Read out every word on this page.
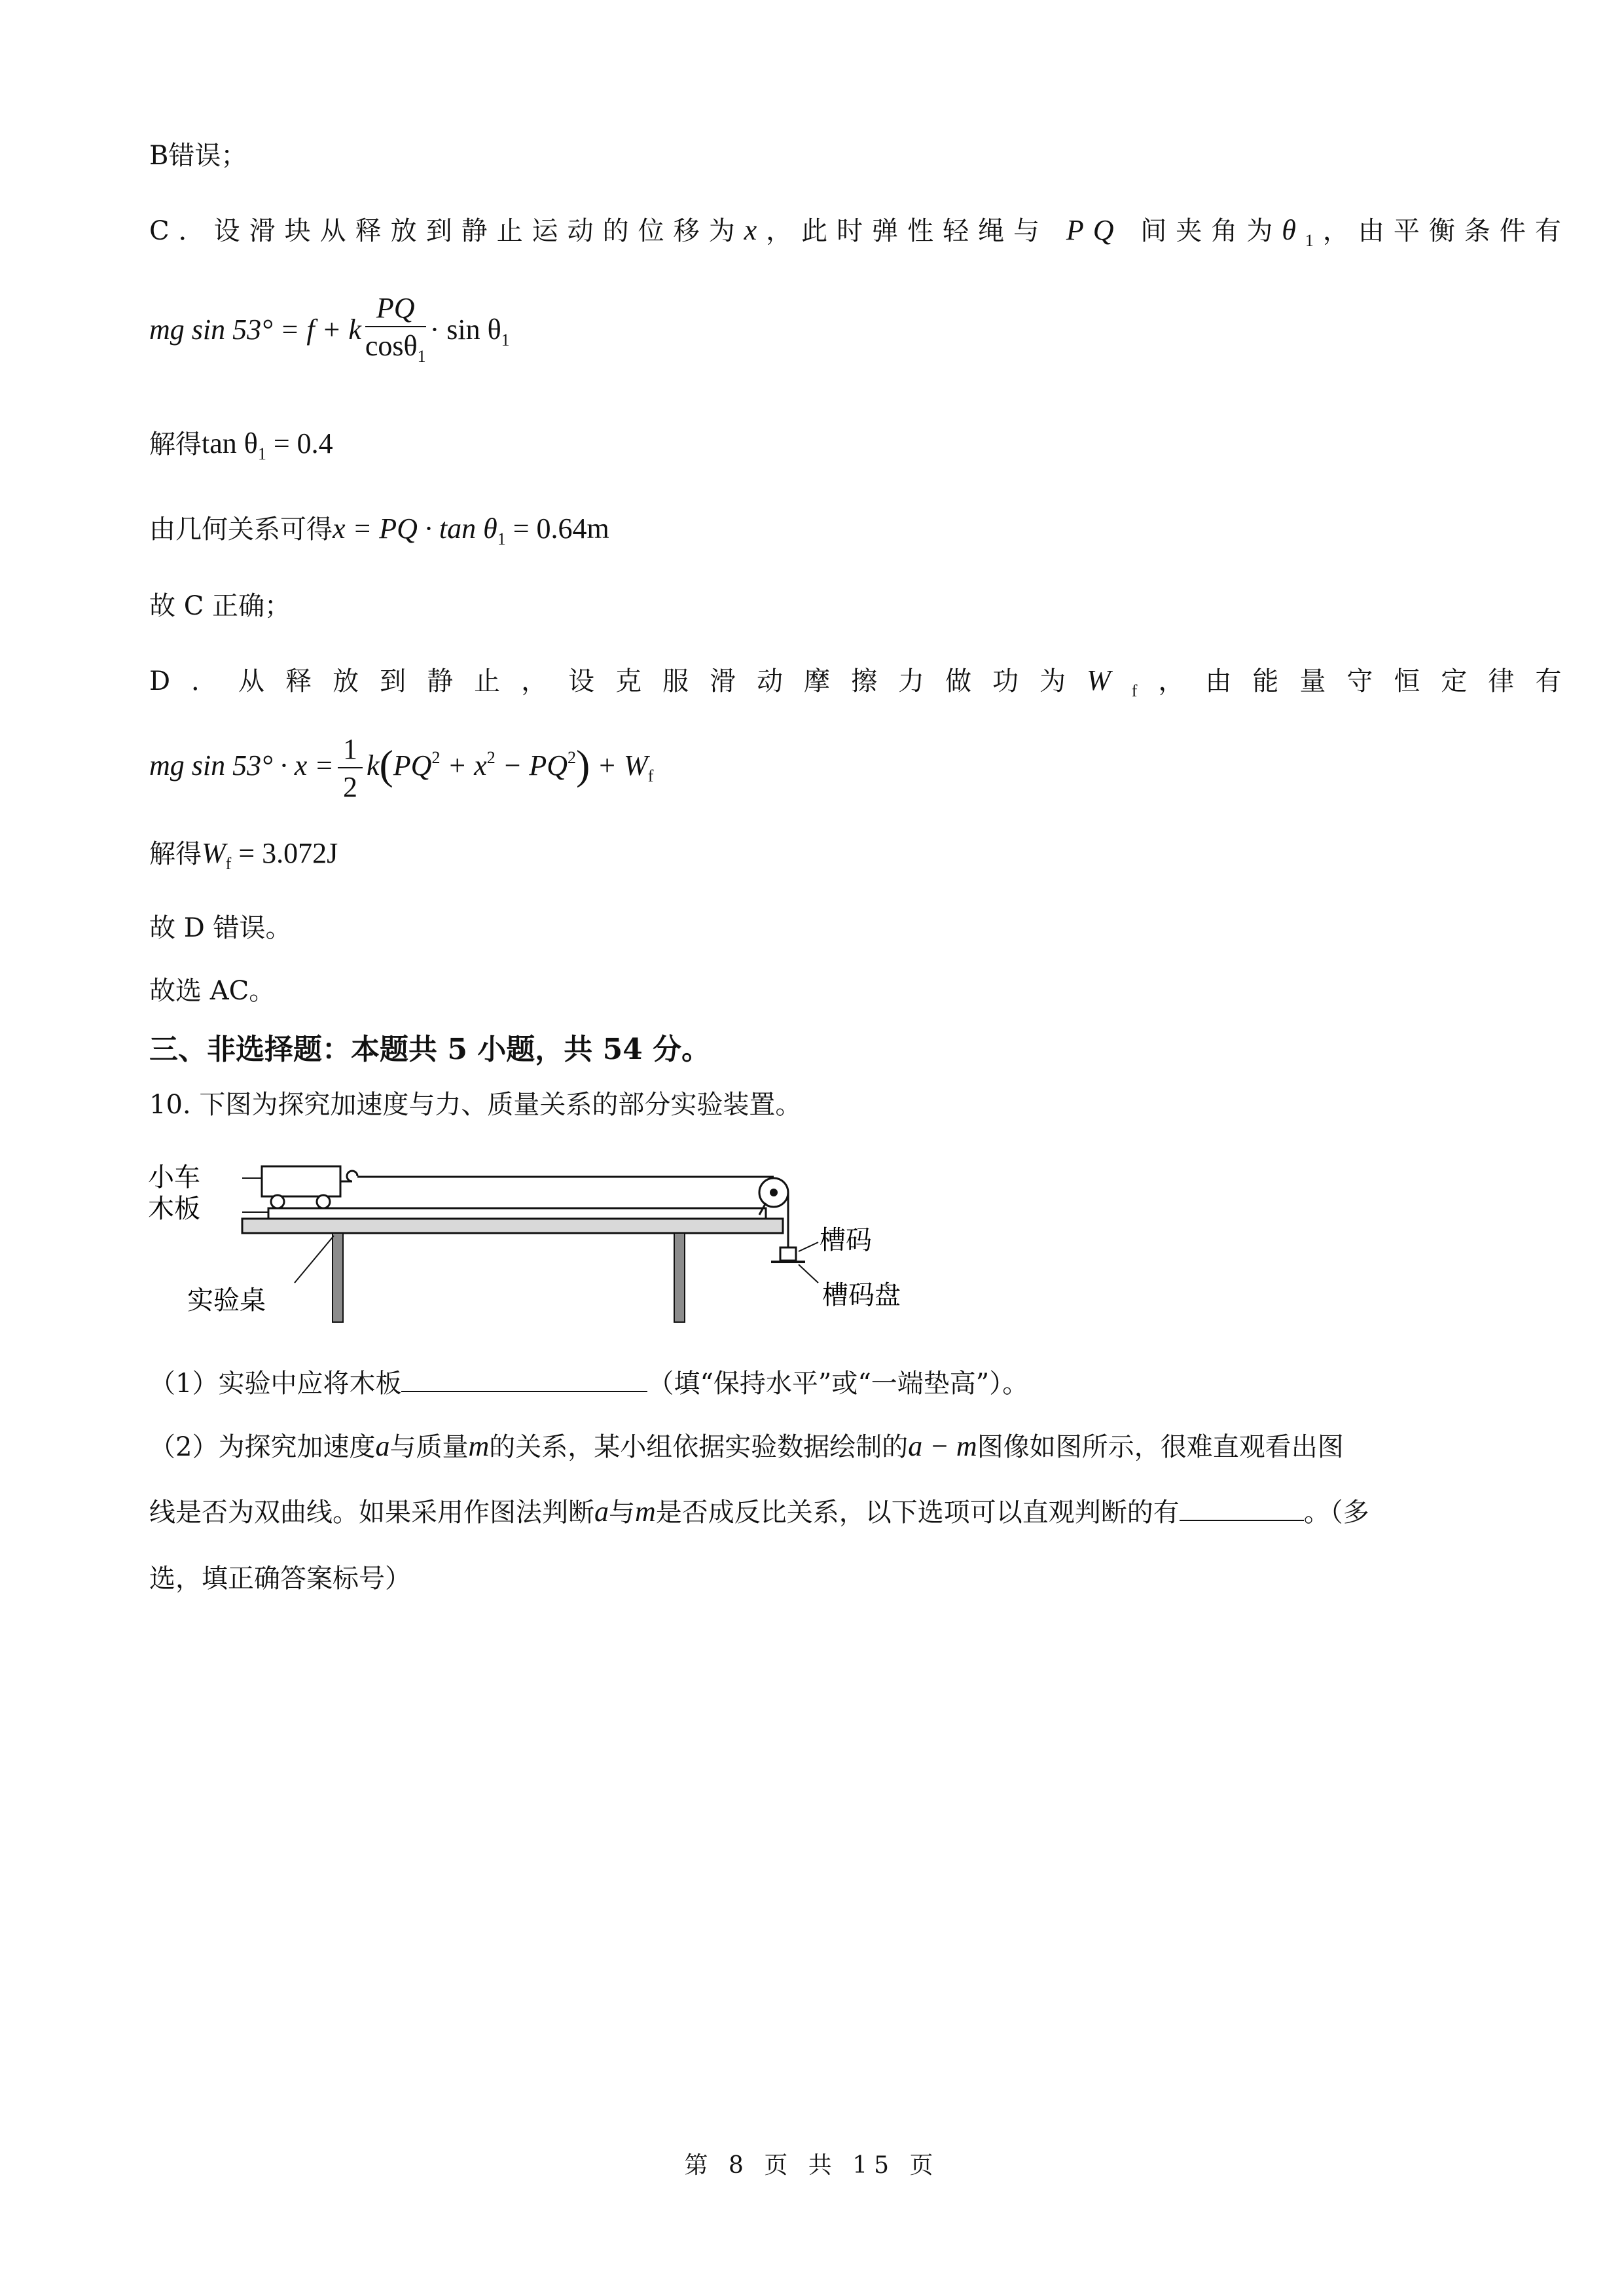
B错误；
C．设滑块从释放到静止运动的位移为x，此时弹性轻绳与 PQ 间夹角为$\theta_1$，由平衡条件有
mg sin 53° = f + k $\frac{PQ}{\cos\theta_1} \cdot \sin \theta_1$
解得$\tan \theta_1 = 0.4$
由几何关系可得x = PQ · $\tan \theta_1 = 0.64m$
故 C 正确；
D．从释放到静止，设克服滑动摩擦力做功为$W_f$，由能量守恒定律有
mg $\sin 53^\circ \cdot x = \frac{1}{2} k(PQ^2 + x^2 - PQ^2) + W_f$
解得$W_f = 3.072J$
故 D 错误。
故选 AC。
三、非选择题：本题共 5 小题，共 54 分。
10. 下图为探究加速度与力、质量关系的部分实验装置。
小车
木板
实验桌
槽码
槽码盘
（1）实验中应将木板	（填“保持水平”或“一端垫高”）。
（2）为探究加速度a与质量m的关系，某小组依据实验数据绘制的a − m图像如图所示，很难直观看出图
线是否为双曲线。如果采用作图法判断a与m是否成反比关系，以下选项可以直观判断的有	。（多
选，填正确答案标号）
第 8 页 共 15 页
